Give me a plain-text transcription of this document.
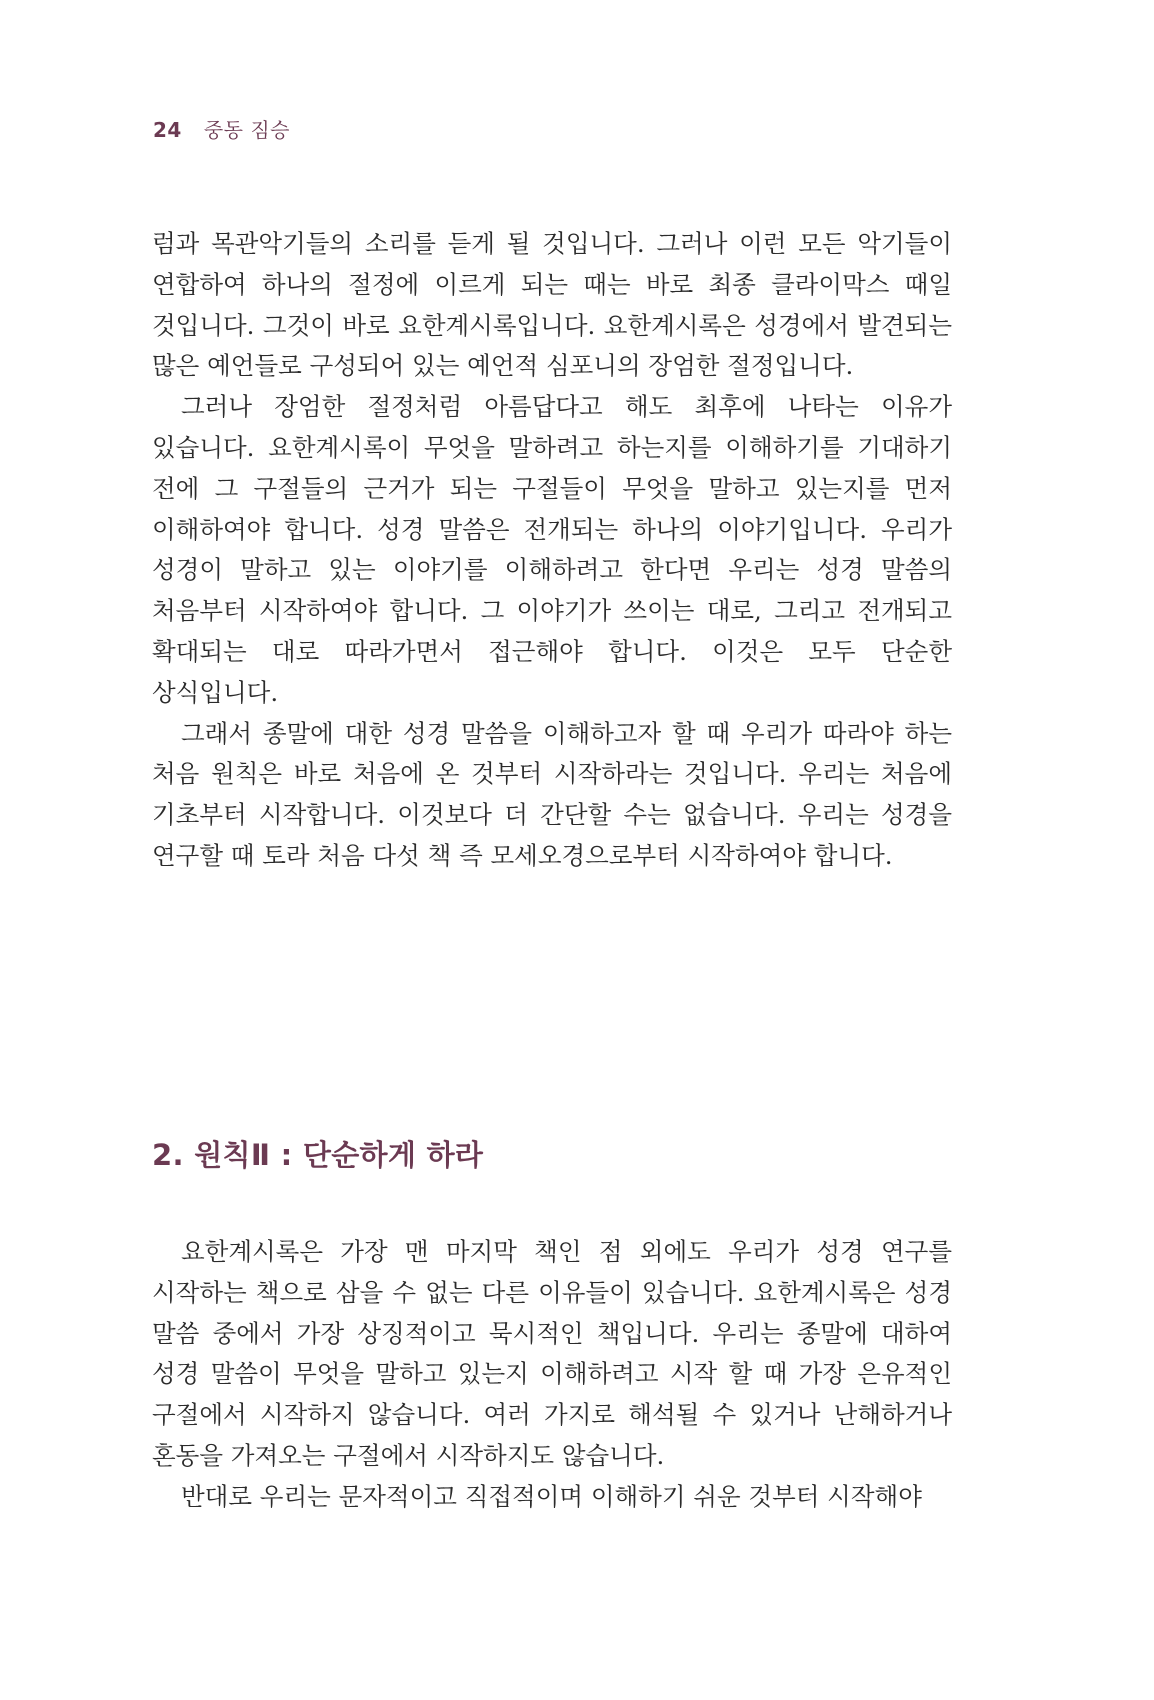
24 중동 짐승

럼과 목관악기들의 소리를 듣게 될 것입니다. 그러나 이런 모든 악기들이 연합하여 하나의 절정에 이르게 되는 때는 바로 최종 클라이막스 때일 것입니다. 그것이 바로 요한계시록입니다. 요한계시록은 성경에서 발견되는 많은 예언들로 구성되어 있는 예언적 심포니의 장엄한 절정입니다.

그러나 장엄한 절정처럼 아름답다고 해도 최후에 나타는 이유가 있습니다. 요한계시록이 무엇을 말하려고 하는지를 이해하기를 기대하기 전에 그 구절들의 근거가 되는 구절들이 무엇을 말하고 있는지를 먼저 이해하여야 합니다. 성경 말씀은 전개되는 하나의 이야기입니다. 우리가 성경이 말하고 있는 이야기를 이해하려고 한다면 우리는 성경 말씀의 처음부터 시작하여야 합니다. 그 이야기가 쓰이는 대로, 그리고 전개되고 확대되는 대로 따라가면서 접근해야 합니다. 이것은 모두 단순한 상식입니다.

그래서 종말에 대한 성경 말씀을 이해하고자 할 때 우리가 따라야 하는 처음 원칙은 바로 처음에 온 것부터 시작하라는 것입니다. 우리는 처음에 기초부터 시작합니다. 이것보다 더 간단할 수는 없습니다. 우리는 성경을 연구할 때 토라 처음 다섯 책 즉 모세오경으로부터 시작하여야 합니다.

2. 원칙Ⅱ : 단순하게 하라

요한계시록은 가장 맨 마지막 책인 점 외에도 우리가 성경 연구를 시작하는 책으로 삼을 수 없는 다른 이유들이 있습니다. 요한계시록은 성경 말씀 중에서 가장 상징적이고 묵시적인 책입니다. 우리는 종말에 대하여 성경 말씀이 무엇을 말하고 있는지 이해하려고 시작 할 때 가장 은유적인 구절에서 시작하지 않습니다. 여러 가지로 해석될 수 있거나 난해하거나 혼동을 가져오는 구절에서 시작하지도 않습니다.

반대로 우리는 문자적이고 직접적이며 이해하기 쉬운 것부터 시작해야
